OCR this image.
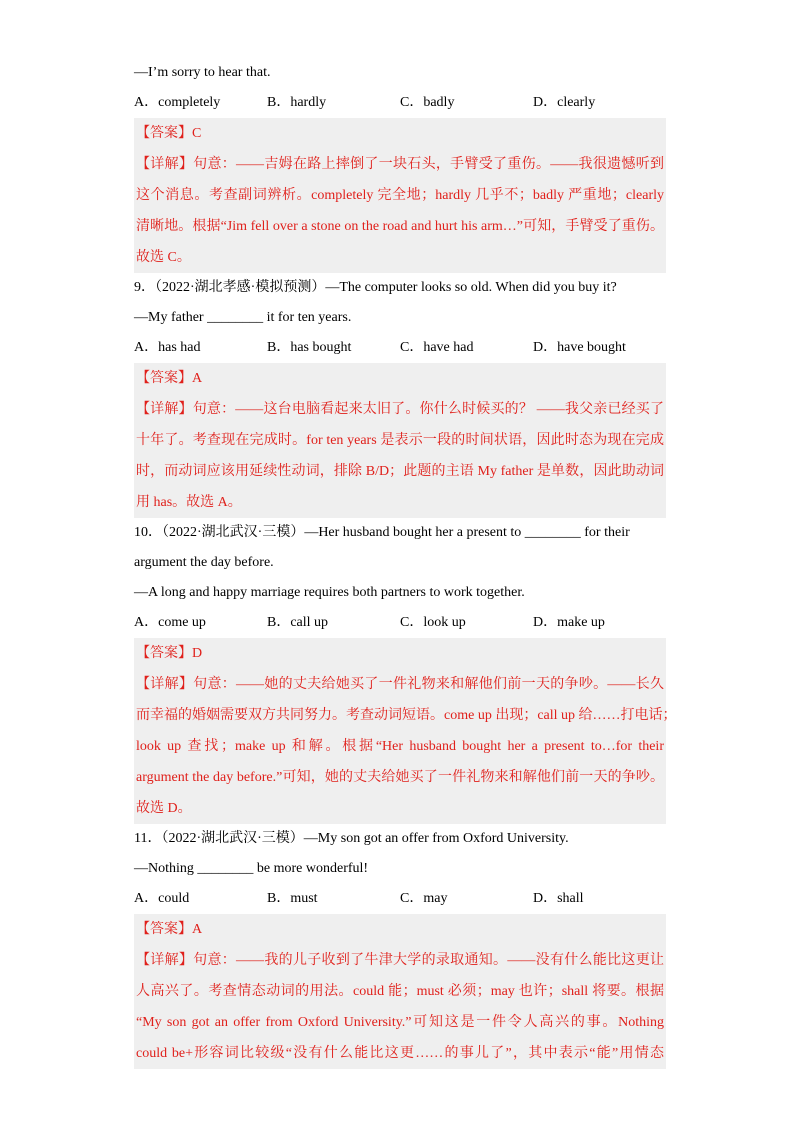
—I’m sorry to hear that.
A．completely	B．hardly	C．badly	D．clearly
【答案】C
【详解】句意：——吉姆在路上摔倒了一块石头，手臂受了重伤。——我很遗憾听到
这个消息。考查副词辨析。completely 完全地；hardly 几乎不；badly 严重地；clearly
清晰地。根据“Jim fell over a stone on the road and hurt his arm…”可知，手臂受了重伤。
故选 C。
9．（2022·湖北孝感·模拟预测）—The computer looks so old. When did you buy it?
—My father ________ it for ten years.
A．has had	B．has bought	C．have had	D．have bought
【答案】A
【详解】句意：——这台电脑看起来太旧了。你什么时候买的？ ——我父亲已经买了
十年了。考查现在完成时。for ten years 是表示一段的时间状语，因此时态为现在完成
时，而动词应该用延续性动词，排除 B/D；此题的主语 My father 是单数，因此助动词
用 has。故选 A。
10．（2022·湖北武汉·三模）—Her husband bought her a present to ________ for their
argument the day before.
—A long and happy marriage requires both partners to work together.
A．come up	B．call up	C．look up	D．make up
【答案】D
【详解】句意：——她的丈夫给她买了一件礼物来和解他们前一天的争吵。——长久
而幸福的婚姻需要双方共同努力。考查动词短语。come up 出现；call up 给……打电话；
look up 查找；make up 和解。根据“Her husband bought her a present to…for their
argument the day before.”可知，她的丈夫给她买了一件礼物来和解他们前一天的争吵。
故选 D。
11．（2022·湖北武汉·三模）—My son got an offer from Oxford University.
—Nothing ________ be more wonderful!
A．could	B．must	C．may	D．shall
【答案】A
【详解】句意：——我的儿子收到了牛津大学的录取通知。——没有什么能比这更让
人高兴了。考查情态动词的用法。could 能；must 必须；may 也许；shall 将要。根据
“My son got an offer from Oxford University.”可知这是一件令人高兴的事。Nothing
could be+形容词比较级“没有什么能比这更……的事儿了”，其中表示“能”用情态
